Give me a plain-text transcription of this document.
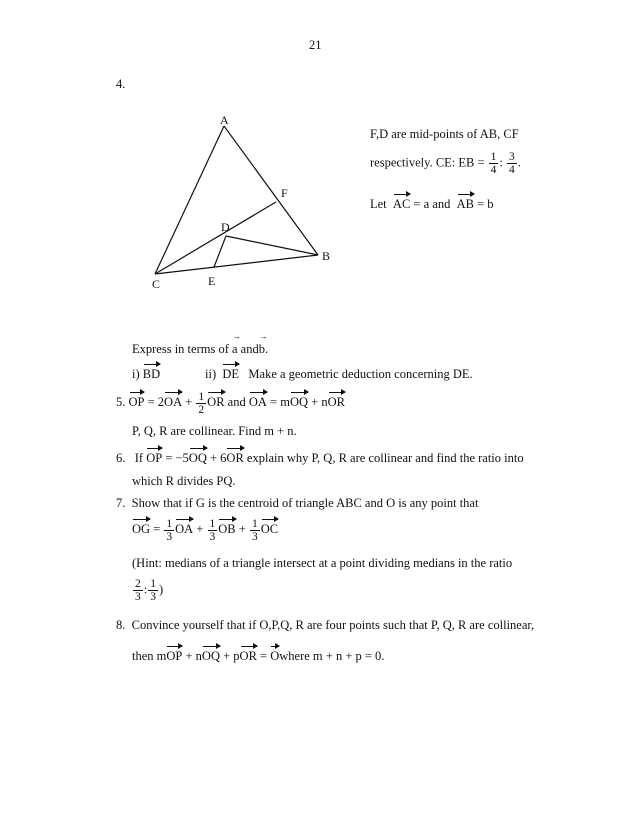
21
4.
A
B
C
D
E
F
F,D are mid-points of AB, CF
respectively. CE: EB = $\frac{1}{4}$ : $\frac{3}{4}$ .
Let AC = a and AB = b
Express in terms of a → andb →.
i) BD	ii) DE Make a geometric deduction concerning DE.
5. OP = $2OA + \frac{1}{2}$ OR and OA = mOQ + nOR
P, Q, R are collinear. Find m + n.
6. If OP = −5OQ + 6OR explain why P, Q, R are collinear and find the ratio into
which R divides PQ.
7. Show that if G is the centroid of triangle ABC and O is any point that
OG = $\frac{1}{3}$ OA + $\frac{1}{3}$ OB + $\frac{1}{3}$ OC
(Hint: medians of a triangle intersect at a point dividing medians in the ratio
$\frac{2}{3}$ : $\frac{1}{3}$ )
8. Convince yourself that if O,P,Q, R are four points such that P, Q, R are collinear,
then mOP + nOQ + pOR = Owhere m + n + p = 0.
